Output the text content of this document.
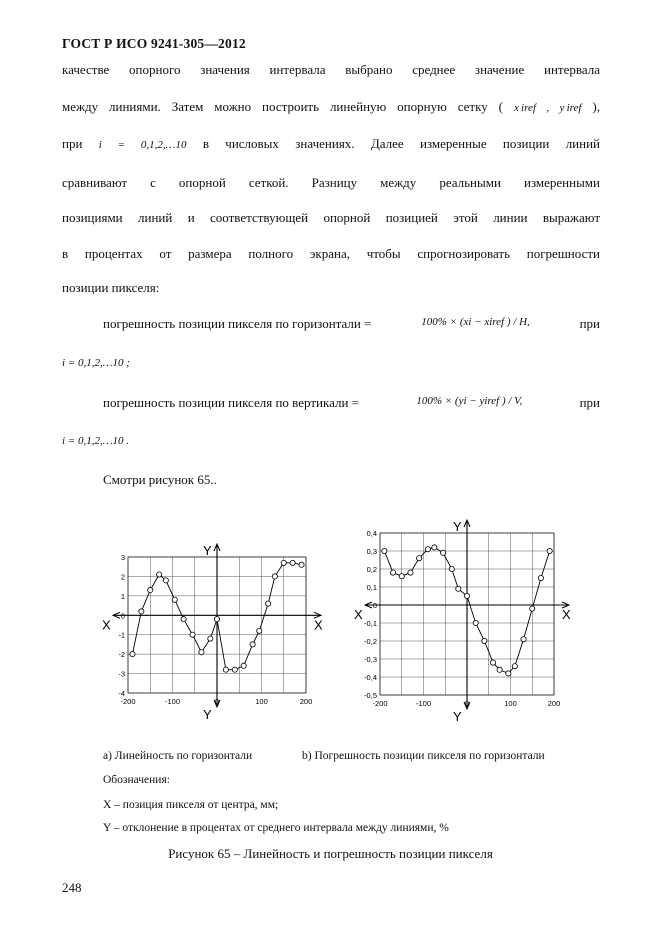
ГОСТ Р ИСО 9241-305—2012
качестве опорного значения интервала выбрано среднее значение интервала
между линиями. Затем можно построить линейную опорную сетку ( x iref , y iref ),
при i = 0,1,2,…10 в числовых значениях. Далее измеренные позиции линий
сравнивают с опорной сеткой. Разницу между реальными измеренными
позициями линий и соответствующей опорной позицией этой линии выражают
в процентах от размера полного экрана, чтобы спрогнозировать погрешности
позиции пикселя:
погрешность позиции пикселя по горизонтали =	100% × (xi − xiref ) / H,	при
i = 0,1,2,…10 ;
погрешность позиции пикселя по вертикали =	100% × (yi − yiref ) / V,	при
i = 0,1,2,…10 .
Смотри рисунок 65..
Y
Y
X	X
3
2
1
0
-1
-2
-3
-4
-200	-100	0	100	200
Y
Y
X	X
0,4
0,3
0,2
0,1
0
-0,1
-0,2
-0,3
-0,4
-0,5
-200	-100	0	100	200
а) Линейность по горизонтали	b) Погрешность позиции пикселя по горизонтали
Обозначения:
X – позиция пикселя от центра, мм;
Y – отклонение в процентах от среднего интервала между линиями, %
Рисунок 65 – Линейность и погрешность позиции пикселя
248
